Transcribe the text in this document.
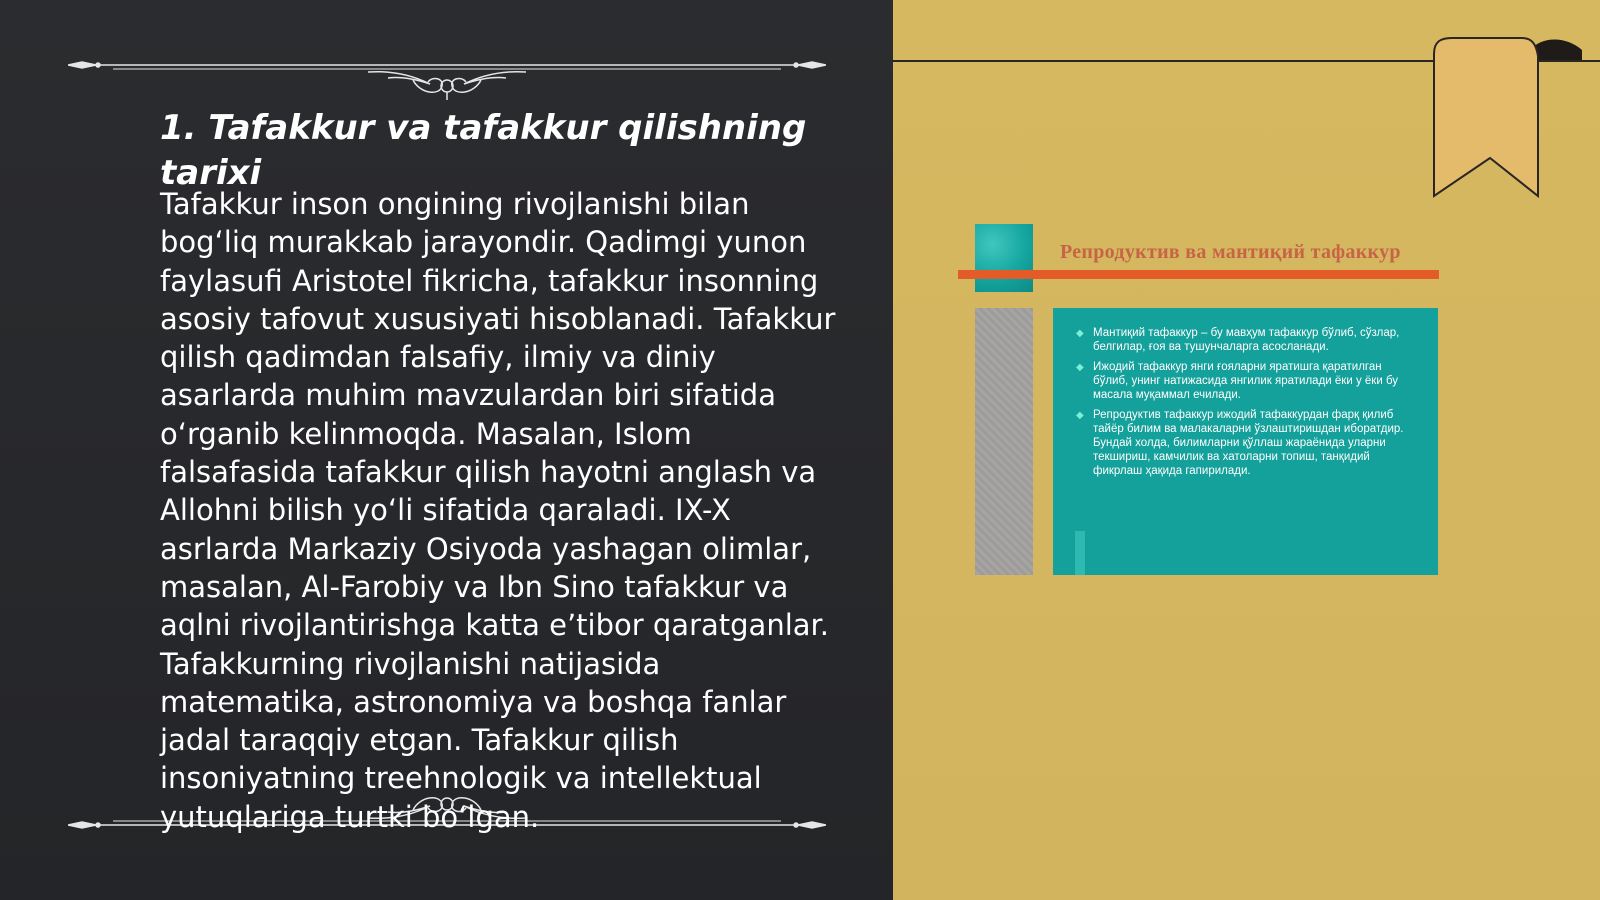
1. Tafakkur va tafakkur qilishning tarixi

Tafakkur inson ongining rivojlanishi bilan bog‘liq murakkab jarayondir. Qadimgi yunon faylasufi Aristotel fikricha, tafakkur insonning asosiy tafovut xususiyati hisoblanadi. Tafakkur qilish qadimdan falsafiy, ilmiy va diniy asarlarda muhim mavzulardan biri sifatida o‘rganib kelinmoqda. Masalan, Islom falsafasida tafakkur qilish hayotni anglash va Allohni bilish yo‘li sifatida qaraladi. IX-X asrlarda Markaziy Osiyoda yashagan olimlar, masalan, Al-Farobiy va Ibn Sino tafakkur va aqlni rivojlantirishga katta e’tibor qaratganlar. Tafakkurning rivojlanishi natijasida matematika, astronomiya va boshqa fanlar jadal taraqqiy etgan. Tafakkur qilish insoniyatning treehnologik va intellektual yutuqlariga turtki bo‘lgan.

Репродуктив ва мантиқий тафаккур
◆ Мантиқий тафаккур – бу мавҳум тафаккур бўлиб, сўзлар, белгилар, ғоя ва тушунчаларга асосланади.
◆ Ижодий тафаккур янги ғояларни яратишга қаратилган бўлиб, унинг натижасида янгилик яратилади ёки у ёки бу масала муқаммал ечилади.
◆ Репродуктив тафаккур ижодий тафаккурдан фарқ қилиб тайёр билим ва малакаларни ўзлаштиришдан иборатдир. Бундай холда, билимларни қўллаш жараёнида уларни текшириш, камчилик ва хатоларни топиш, танқидий фикрлаш ҳақида гапирилади.
